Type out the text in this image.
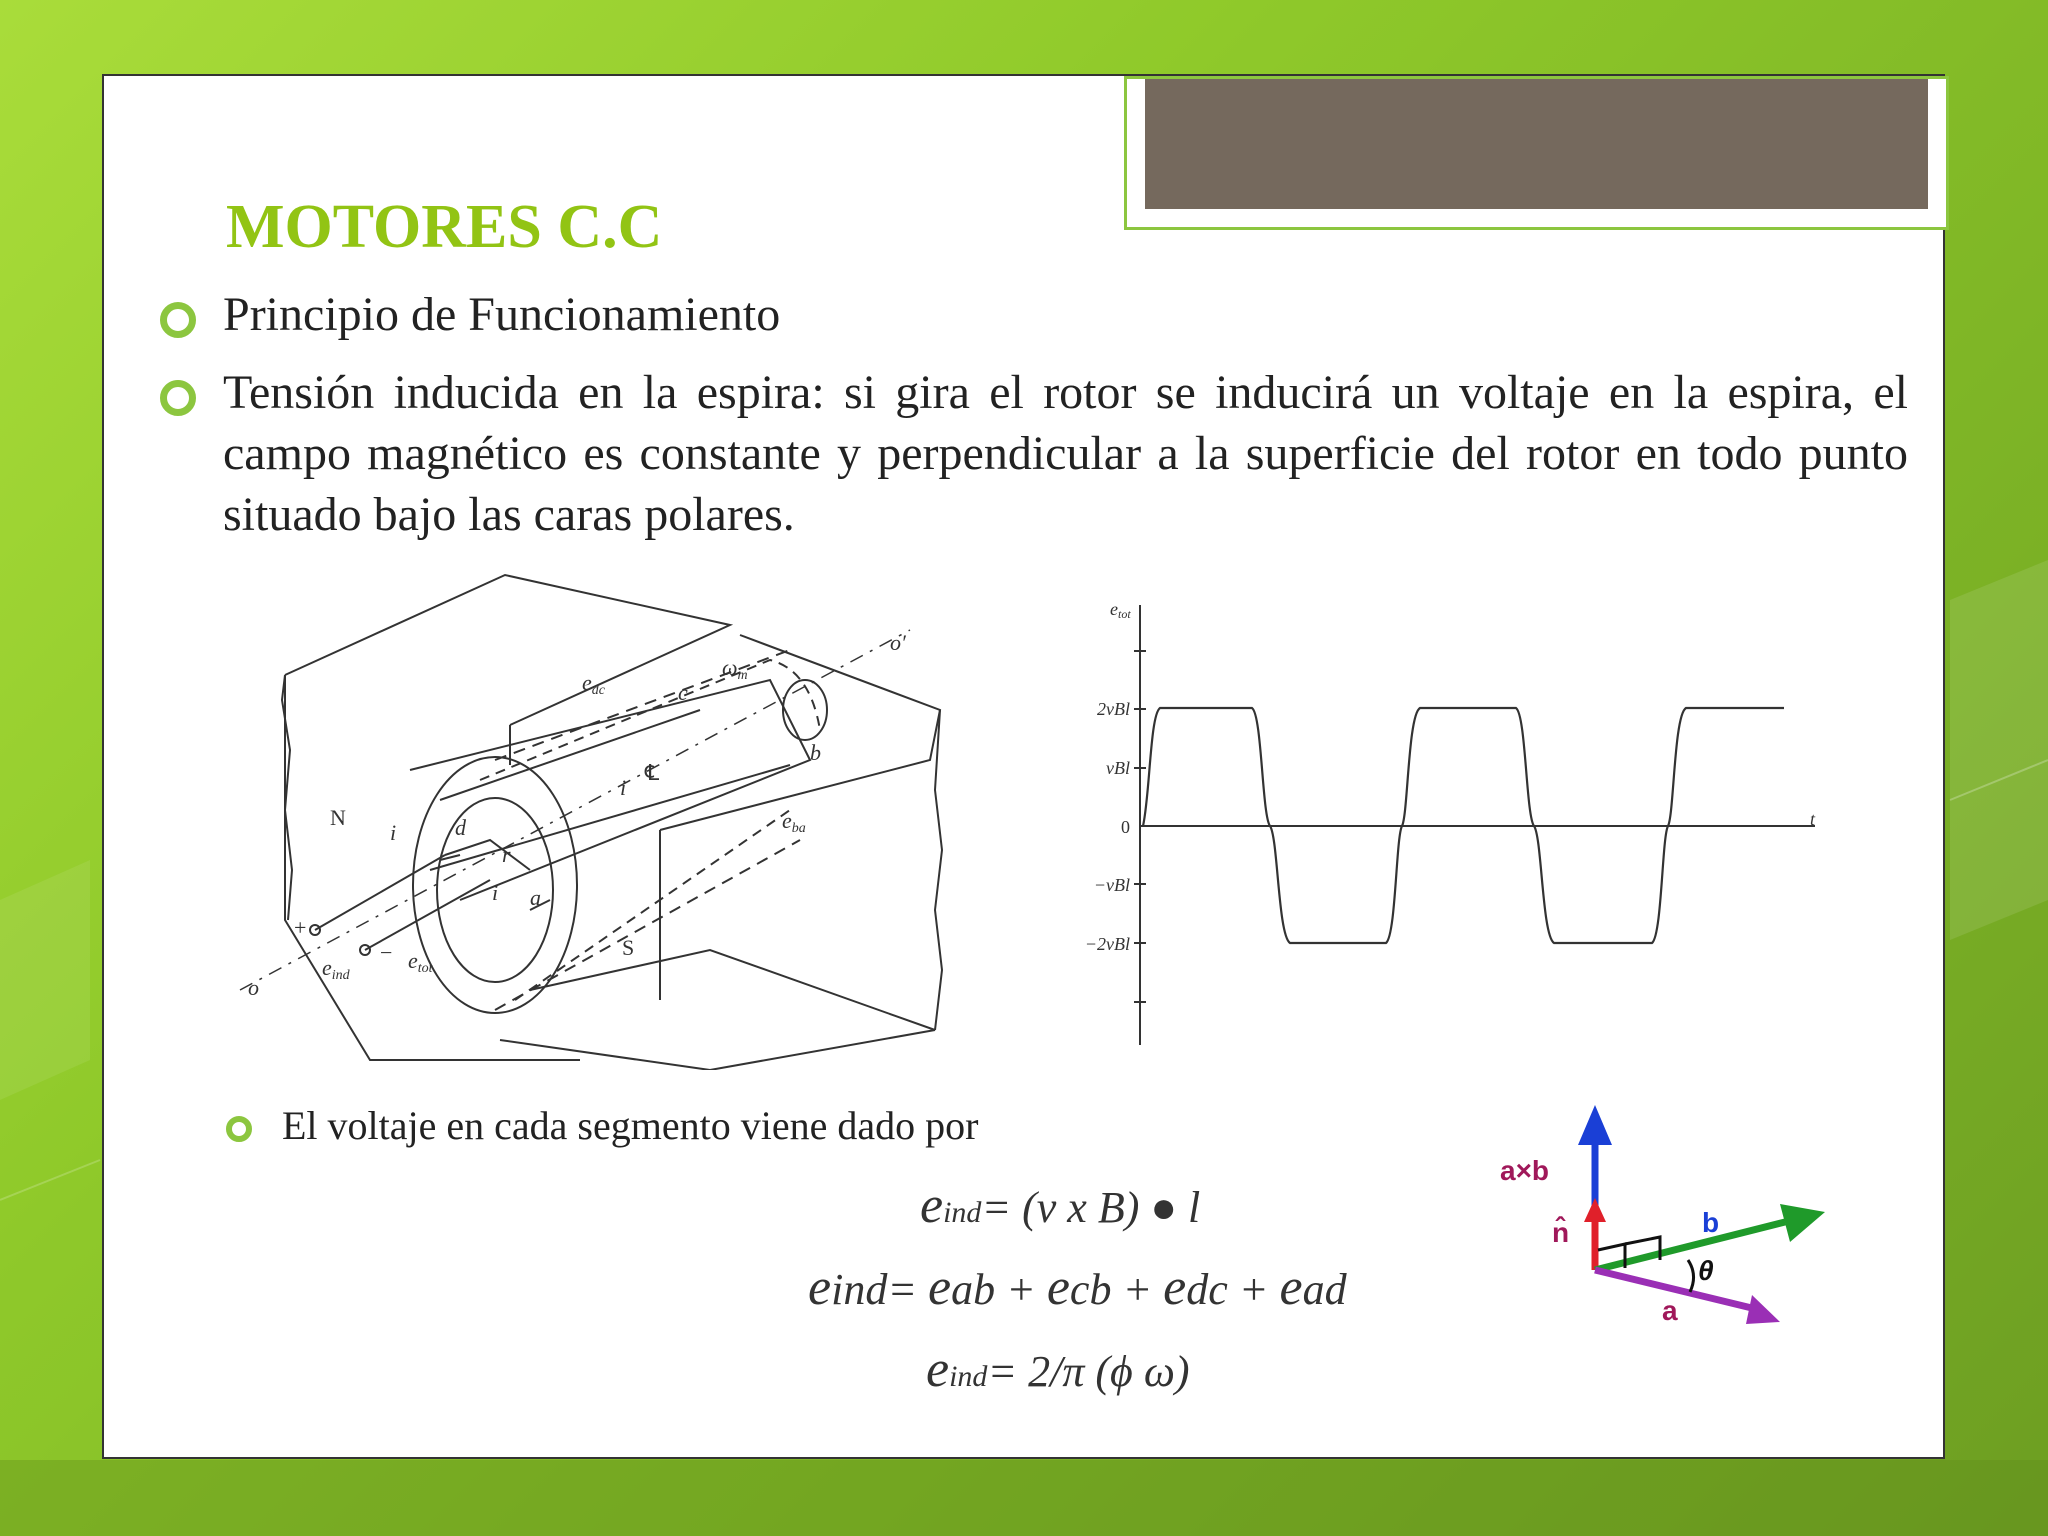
MOTORES C.C
Principio de Funcionamiento
Tensión inducida en la espira: si gira el rotor se inducirá un voltaje en la espira, el campo magnético es constante y perpendicular a la superficie del rotor en todo punto situado bajo las caras polares.
N
S
o
o′
edc
ωm
c
b
d
r
a
i
i
i
℄
eba
+
−
eind
etot
etot
t
2vBl
vBl
0
−vBl
−2vBl
El voltaje en cada segmento viene dado por
eind= (v x B) ● l
eind= eab + ecb + edc + ead
eind= 2/π (ϕ ω)
a×b
n̂	b
a
θ
